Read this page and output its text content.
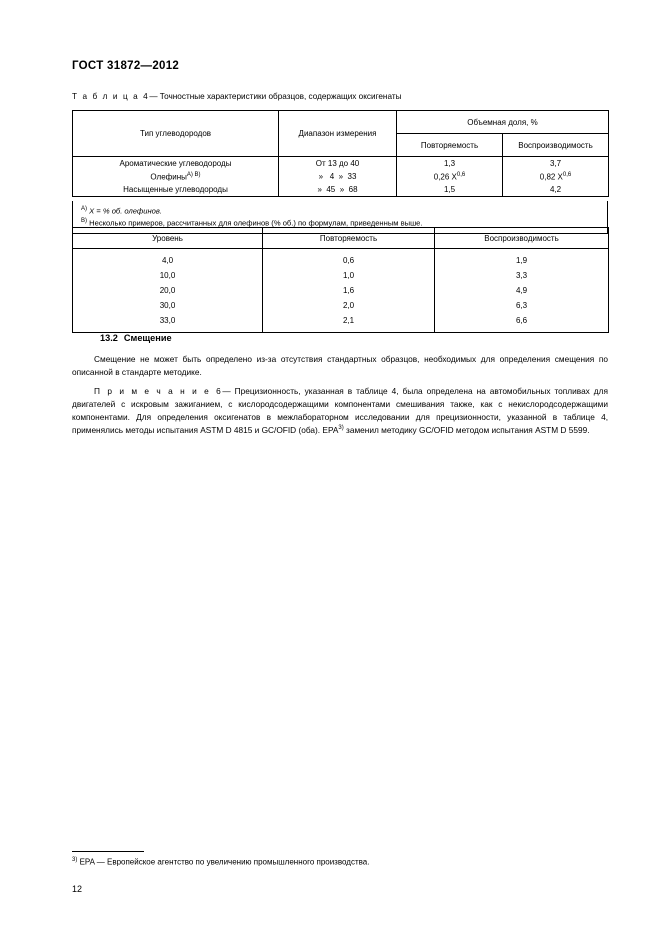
ГОСТ 31872—2012
Т а б л и ц а 4— Точностные характеристики образцов, содержащих оксигенаты
Тип углеводородов	Диапазон измерения	Объемная доля, %	
		Повторяемость	Воспроизводимость
Ароматические углеводороды	От 13 до 40	1,3	3,7
Олефины$^{А) В)}$	» 4 » 33	0,26 X$^{0,6}$	0,82 X$^{0,6}$
Насыщенные углеводороды	» 45 » 68	1,5	4,2
$^{А)}$ X = % об. олефинов.
$^{В)}$ Несколько примеров, рассчитанных для олефинов (% об.) по формулам, приведенным выше.
Уровень	Повторяемость	Воспроизводимость
4,0	0,6	1,9
10,0	1,0	3,3
20,0	1,6	4,9
30,0	2,0	6,3
33,0	2,1	6,6
13.2 Смещение
Смещение не может быть определено из-за отсутствия стандартных образцов, необходимых для определения смещения по описанной в стандарте методике.
П р и м е ч а н и е 6— Прецизионность, указанная в таблице 4, была определена на автомобильных топливах для двигателей с искровым зажиганием, с кислородсодержащими компонентами смешивания также, как с некислородсодержащими компонентами. Для определения оксигенатов в межлабораторном исследовании для прецизионности, указанной в таблице 4, применялись методы испытания ASTM D 4815 и GC/OFID (оба). EPA$^{3)}$ заменил методику GC/OFID методом испытания ASTM D 5599.
$^{3)}$ EPA — Европейское агентство по увеличению промышленного производства.
12
